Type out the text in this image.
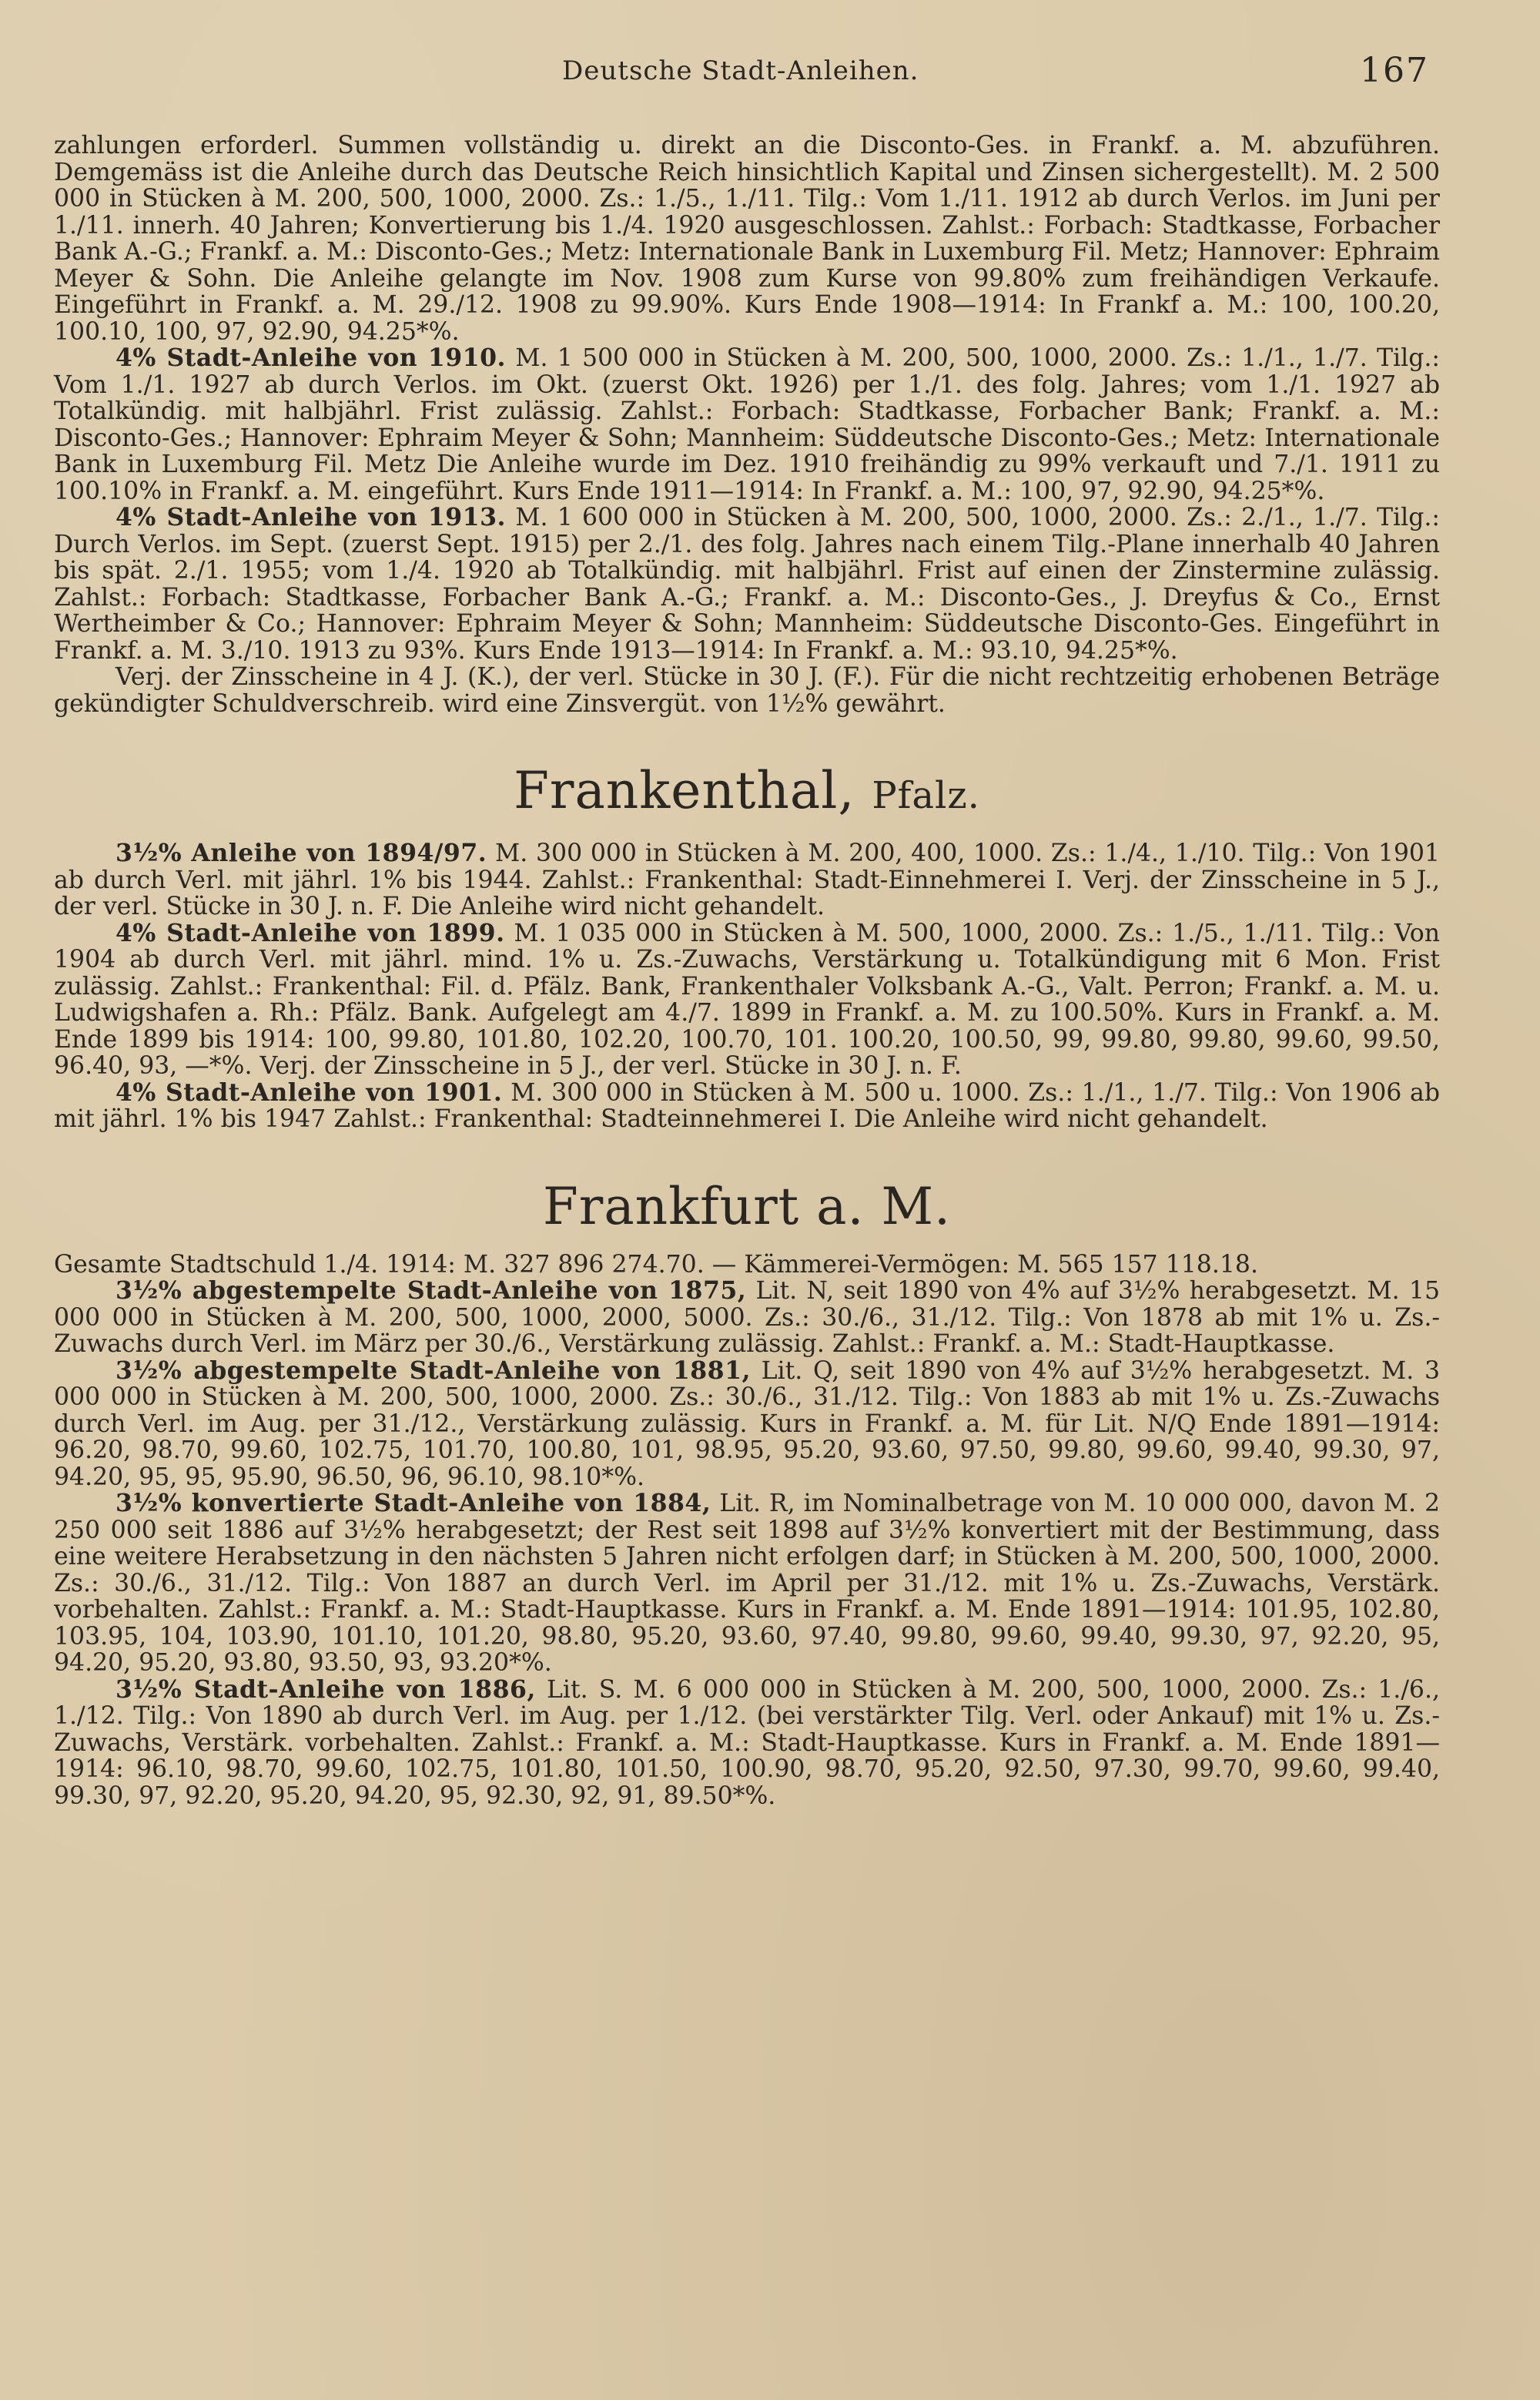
Deutsche Stadt-Anleihen.	167

zahlungen erforderl. Summen vollständig u. direkt an die Disconto-Ges. in Frankf. a. M. abzuführen. Demgemäss ist die Anleihe durch das Deutsche Reich hinsichtlich Kapital und Zinsen sichergestellt). M. 2 500 000 in Stücken à M. 200, 500, 1000, 2000. Zs.: 1./5., 1./11. Tilg.: Vom 1./11. 1912 ab durch Verlos. im Juni per 1./11. innerh. 40 Jahren; Konvertierung bis 1./4. 1920 ausgeschlossen. Zahlst.: Forbach: Stadtkasse, Forbacher Bank A.-G.; Frankf. a. M.: Disconto-Ges.; Metz: Internationale Bank in Luxemburg Fil. Metz; Hannover: Ephraim Meyer & Sohn. Die Anleihe gelangte im Nov. 1908 zum Kurse von 99.80% zum freihändigen Verkaufe. Eingeführt in Frankf. a. M. 29./12. 1908 zu 99.90%. Kurs Ende 1908—1914: In Frankf a. M.: 100, 100.20, 100.10, 100, 97, 92.90, 94.25*%.

4% Stadt-Anleihe von 1910. M. 1 500 000 in Stücken à M. 200, 500, 1000, 2000. Zs.: 1./1., 1./7. Tilg.: Vom 1./1. 1927 ab durch Verlos. im Okt. (zuerst Okt. 1926) per 1./1. des folg. Jahres; vom 1./1. 1927 ab Totalkündig. mit halbjährl. Frist zulässig. Zahlst.: Forbach: Stadtkasse, Forbacher Bank; Frankf. a. M.: Disconto-Ges.; Hannover: Ephraim Meyer & Sohn; Mannheim: Süddeutsche Disconto-Ges.; Metz: Internationale Bank in Luxemburg Fil. Metz Die Anleihe wurde im Dez. 1910 freihändig zu 99% verkauft und 7./1. 1911 zu 100.10% in Frankf. a. M. eingeführt. Kurs Ende 1911—1914: In Frankf. a. M.: 100, 97, 92.90, 94.25*%.

4% Stadt-Anleihe von 1913. M. 1 600 000 in Stücken à M. 200, 500, 1000, 2000. Zs.: 2./1., 1./7. Tilg.: Durch Verlos. im Sept. (zuerst Sept. 1915) per 2./1. des folg. Jahres nach einem Tilg.-Plane innerhalb 40 Jahren bis spät. 2./1. 1955; vom 1./4. 1920 ab Totalkündig. mit halbjährl. Frist auf einen der Zinstermine zulässig. Zahlst.: Forbach: Stadtkasse, Forbacher Bank A.-G.; Frankf. a. M.: Disconto-Ges., J. Dreyfus & Co., Ernst Wertheimber & Co.; Hannover: Ephraim Meyer & Sohn; Mannheim: Süddeutsche Disconto-Ges. Eingeführt in Frankf. a. M. 3./10. 1913 zu 93%. Kurs Ende 1913—1914: In Frankf. a. M.: 93.10, 94.25*%.

Verj. der Zinsscheine in 4 J. (K.), der verl. Stücke in 30 J. (F.). Für die nicht rechtzeitig erhobenen Beträge gekündigter Schuldverschreib. wird eine Zinsvergüt. von 1½% gewährt.

Frankenthal, Pfalz.

3½% Anleihe von 1894/97. M. 300 000 in Stücken à M. 200, 400, 1000. Zs.: 1./4., 1./10. Tilg.: Von 1901 ab durch Verl. mit jährl. 1% bis 1944. Zahlst.: Frankenthal: Stadt-Einnehmerei I. Verj. der Zinsscheine in 5 J., der verl. Stücke in 30 J. n. F. Die Anleihe wird nicht gehandelt.

4% Stadt-Anleihe von 1899. M. 1 035 000 in Stücken à M. 500, 1000, 2000. Zs.: 1./5., 1./11. Tilg.: Von 1904 ab durch Verl. mit jährl. mind. 1% u. Zs.-Zuwachs, Verstärkung u. Totalkündigung mit 6 Mon. Frist zulässig. Zahlst.: Frankenthal: Fil. d. Pfälz. Bank, Frankenthaler Volksbank A.-G., Valt. Perron; Frankf. a. M. u. Ludwigshafen a. Rh.: Pfälz. Bank. Aufgelegt am 4./7. 1899 in Frankf. a. M. zu 100.50%. Kurs in Frankf. a. M. Ende 1899 bis 1914: 100, 99.80, 101.80, 102.20, 100.70, 101. 100.20, 100.50, 99, 99.80, 99.80, 99.60, 99.50, 96.40, 93, —*%. Verj. der Zinsscheine in 5 J., der verl. Stücke in 30 J. n. F.

4% Stadt-Anleihe von 1901. M. 300 000 in Stücken à M. 500 u. 1000. Zs.: 1./1., 1./7. Tilg.: Von 1906 ab mit jährl. 1% bis 1947 Zahlst.: Frankenthal: Stadteinnehmerei I. Die Anleihe wird nicht gehandelt.

Frankfurt a. M.

Gesamte Stadtschuld 1./4. 1914: M. 327 896 274.70. — Kämmerei-Vermögen: M. 565 157 118.18.

3½% abgestempelte Stadt-Anleihe von 1875, Lit. N, seit 1890 von 4% auf 3½% herabgesetzt. M. 15 000 000 in Stücken à M. 200, 500, 1000, 2000, 5000. Zs.: 30./6., 31./12. Tilg.: Von 1878 ab mit 1% u. Zs.-Zuwachs durch Verl. im März per 30./6., Verstärkung zulässig. Zahlst.: Frankf. a. M.: Stadt-Hauptkasse.

3½% abgestempelte Stadt-Anleihe von 1881, Lit. Q, seit 1890 von 4% auf 3½% herabgesetzt. M. 3 000 000 in Stücken à M. 200, 500, 1000, 2000. Zs.: 30./6., 31./12. Tilg.: Von 1883 ab mit 1% u. Zs.-Zuwachs durch Verl. im Aug. per 31./12., Verstärkung zulässig. Kurs in Frankf. a. M. für Lit. N/Q Ende 1891—1914: 96.20, 98.70, 99.60, 102.75, 101.70, 100.80, 101, 98.95, 95.20, 93.60, 97.50, 99.80, 99.60, 99.40, 99.30, 97, 94.20, 95, 95, 95.90, 96.50, 96, 96.10, 98.10*%.

3½% konvertierte Stadt-Anleihe von 1884, Lit. R, im Nominalbetrage von M. 10 000 000, davon M. 2 250 000 seit 1886 auf 3½% herabgesetzt; der Rest seit 1898 auf 3½% konvertiert mit der Bestimmung, dass eine weitere Herabsetzung in den nächsten 5 Jahren nicht erfolgen darf; in Stücken à M. 200, 500, 1000, 2000. Zs.: 30./6., 31./12. Tilg.: Von 1887 an durch Verl. im April per 31./12. mit 1% u. Zs.-Zuwachs, Verstärk. vorbehalten. Zahlst.: Frankf. a. M.: Stadt-Hauptkasse. Kurs in Frankf. a. M. Ende 1891—1914: 101.95, 102.80, 103.95, 104, 103.90, 101.10, 101.20, 98.80, 95.20, 93.60, 97.40, 99.80, 99.60, 99.40, 99.30, 97, 92.20, 95, 94.20, 95.20, 93.80, 93.50, 93, 93.20*%.

3½% Stadt-Anleihe von 1886, Lit. S. M. 6 000 000 in Stücken à M. 200, 500, 1000, 2000. Zs.: 1./6., 1./12. Tilg.: Von 1890 ab durch Verl. im Aug. per 1./12. (bei verstärkter Tilg. Verl. oder Ankauf) mit 1% u. Zs.-Zuwachs, Verstärk. vorbehalten. Zahlst.: Frankf. a. M.: Stadt-Hauptkasse. Kurs in Frankf. a. M. Ende 1891—1914: 96.10, 98.70, 99.60, 102.75, 101.80, 101.50, 100.90, 98.70, 95.20, 92.50, 97.30, 99.70, 99.60, 99.40, 99.30, 97, 92.20, 95.20, 94.20, 95, 92.30, 92, 91, 89.50*%.
